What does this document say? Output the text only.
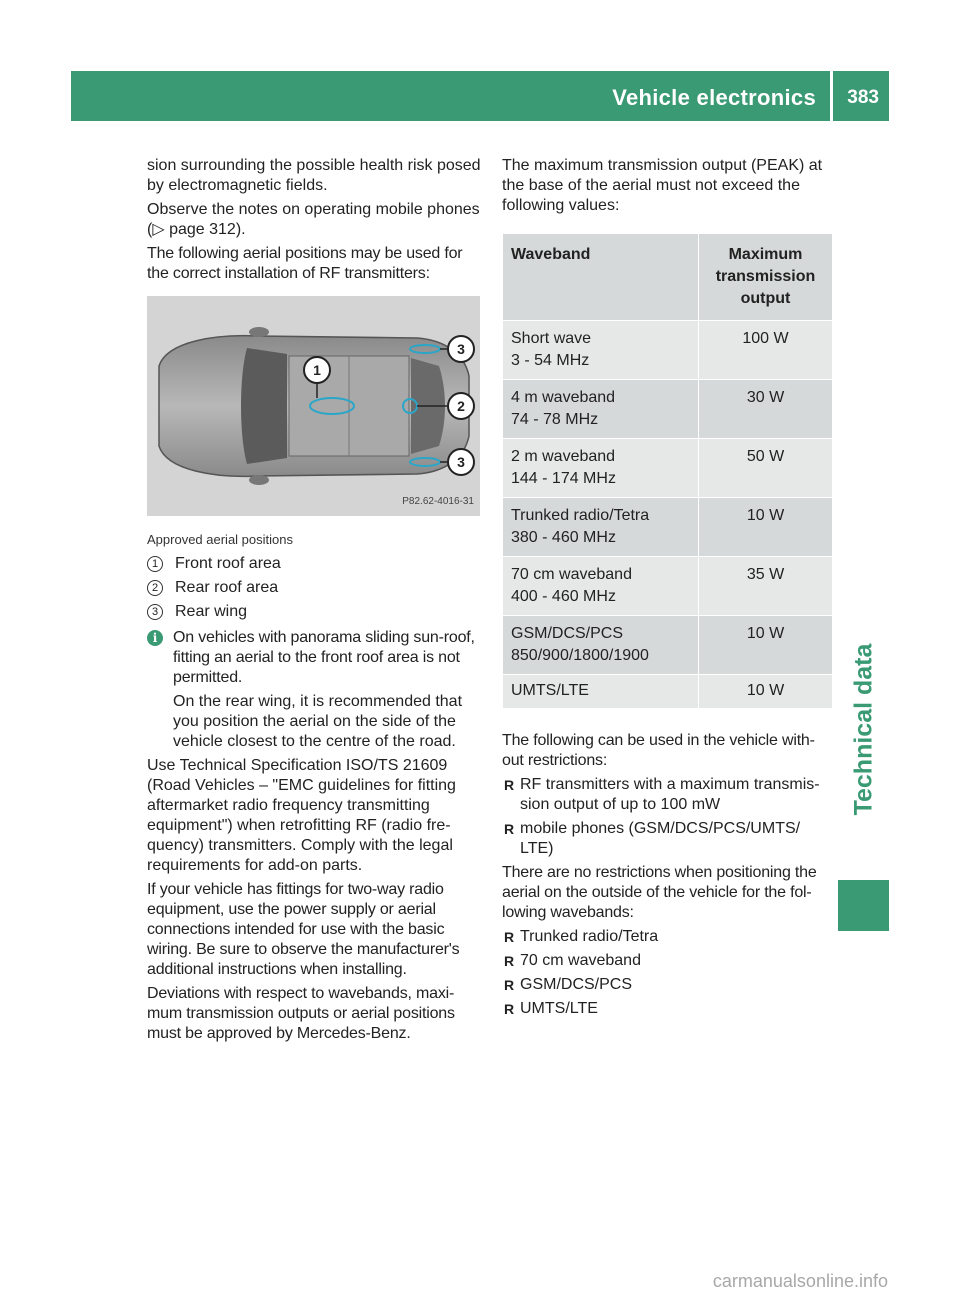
Vehicle electronics 383
Technical data

sion surrounding the possible health risk posed by electromagnetic fields.

Observe the notes on operating mobile phones (▷ page 312).

The following aerial positions may be used for the correct installation of RF transmitters:

1
2
3
3
P82.62-4016-31

Approved aerial positions

1	Front roof area
2	Rear roof area
3	Rear wing
i On vehicles with panorama sliding sun-roof, fitting an aerial to the front roof area is not permitted.

On the rear wing, it is recommended that you position the aerial on the side of the vehicle closest to the centre of the road.

Use Technical Specification ISO/TS 21609 (Road Vehicles – "EMC guidelines for fitting aftermarket radio frequency transmitting equipment") when retrofitting RF (radio fre-quency) transmitters. Comply with the legal requirements for add-on parts.

If your vehicle has fittings for two-way radio equipment, use the power supply or aerial connections intended for use with the basic wiring. Be sure to observe the manufacturer's additional instructions when installing.

Deviations with respect to wavebands, maxi-mum transmission outputs or aerial positions must be approved by Mercedes-Benz.

The maximum transmission output (PEAK) at the base of the aerial must not exceed the following values:

Waveband	Maximum transmission output

Short wave
3 - 54 MHz	100 W

4 m waveband
74 - 78 MHz	30 W

2 m waveband
144 - 174 MHz	50 W

Trunked radio/Tetra
380 - 460 MHz	10 W

70 cm waveband
400 - 460 MHz	35 W

GSM/DCS/PCS
850/900/1800/1900	10 W

UMTS/LTE	10 W

The following can be used in the vehicle with-out restrictions:

R RF transmitters with a maximum transmis-sion output of up to 100 mW
R mobile phones (GSM/DCS/PCS/UMTS/ LTE)

There are no restrictions when positioning the aerial on the outside of the vehicle for the fol-lowing wavebands:

R Trunked radio/Tetra
R 70 cm waveband
R GSM/DCS/PCS
R UMTS/LTE
carmanualsonline.info
